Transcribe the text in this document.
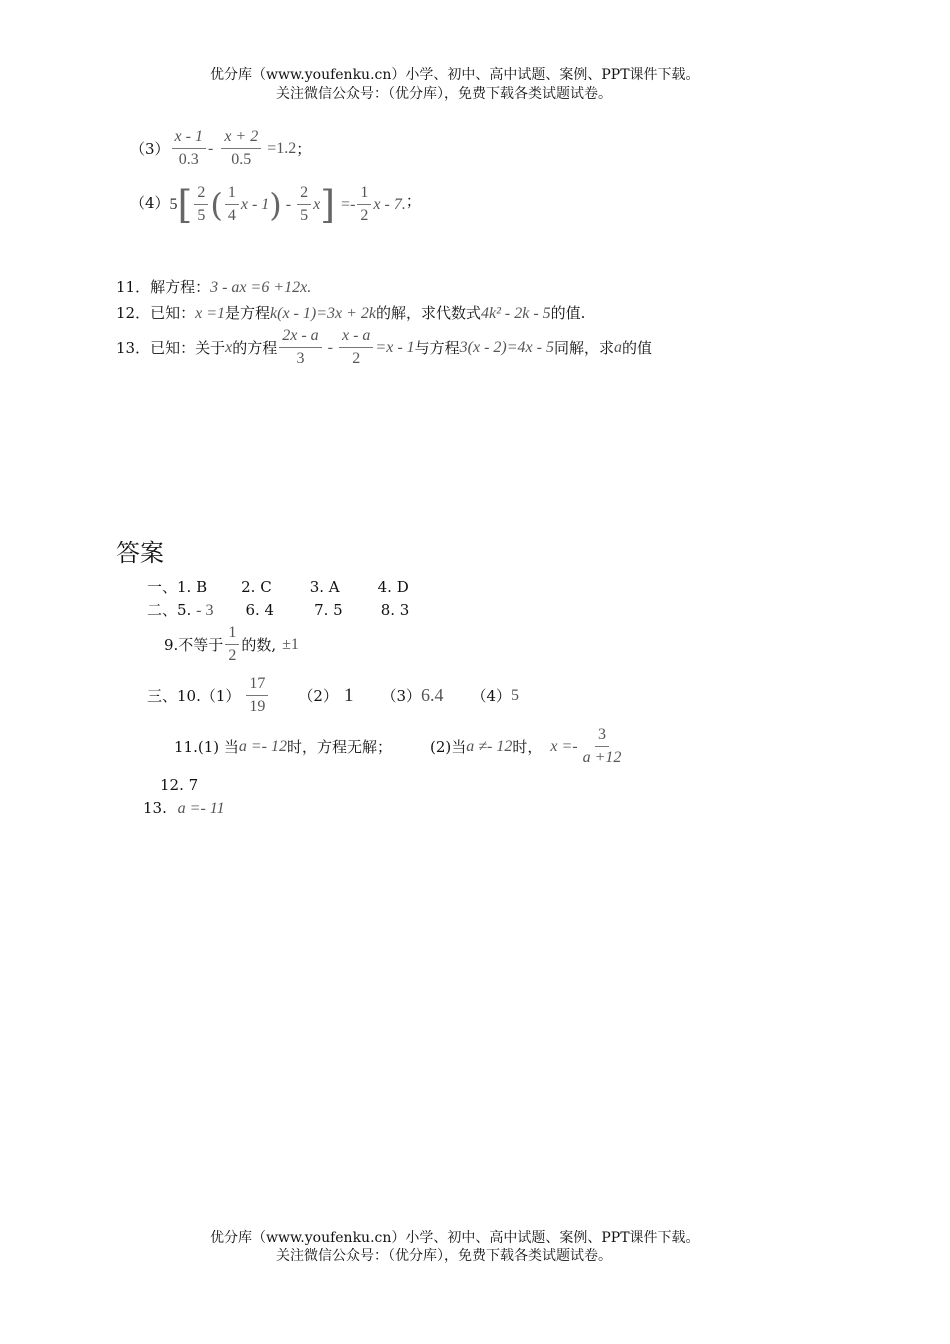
优分库（www.youfenku.cn）小学、初中、高中试题、案例、PPT课件下载。
关注微信公众号：（优分库），免费下载各类试题试卷。
$(3) \frac{x - 1}{0.3} - \frac{x + 2}{0.5} =1.2$ ；
（4） 5 [ $\frac{2}{5}$ ( $\frac{1}{4}$ x - 1 ) - $\frac{2}{5}$ x ] =- $\frac{1}{2}$ x - 7. ；
11．解方程：3 - ax =6 +12x.
12．已知：x =1是方程k(x - 1)=3x + 2k的解，求代数式4k² - 2k - 5的值.
13．已知：关于 x 的方程 $\frac{2x - a}{3} - \frac{x - a}{2} =x - 1$ 与方程 3(x - 2)=4x - 5 同解，求 a 的值
答案
一、1. B 2. C	3. A	4. D
二、5. - 3 6. 4	7. 5	8. 3
9.不等于 $\frac{1}{2}$ 的数, ±1
三、$10.(1) \frac{17}{19} (2)$ 1 （3） 6.4 （4） 5
11.(1) 当 a =- 12 时，方程无解；	(2)当 a ≠- 12 时， $x =- \frac{3}{a +12}$
12. 7
13. a =- 11
优分库（www.youfenku.cn）小学、初中、高中试题、案例、PPT课件下载。
关注微信公众号：（优分库），免费下载各类试题试卷。
